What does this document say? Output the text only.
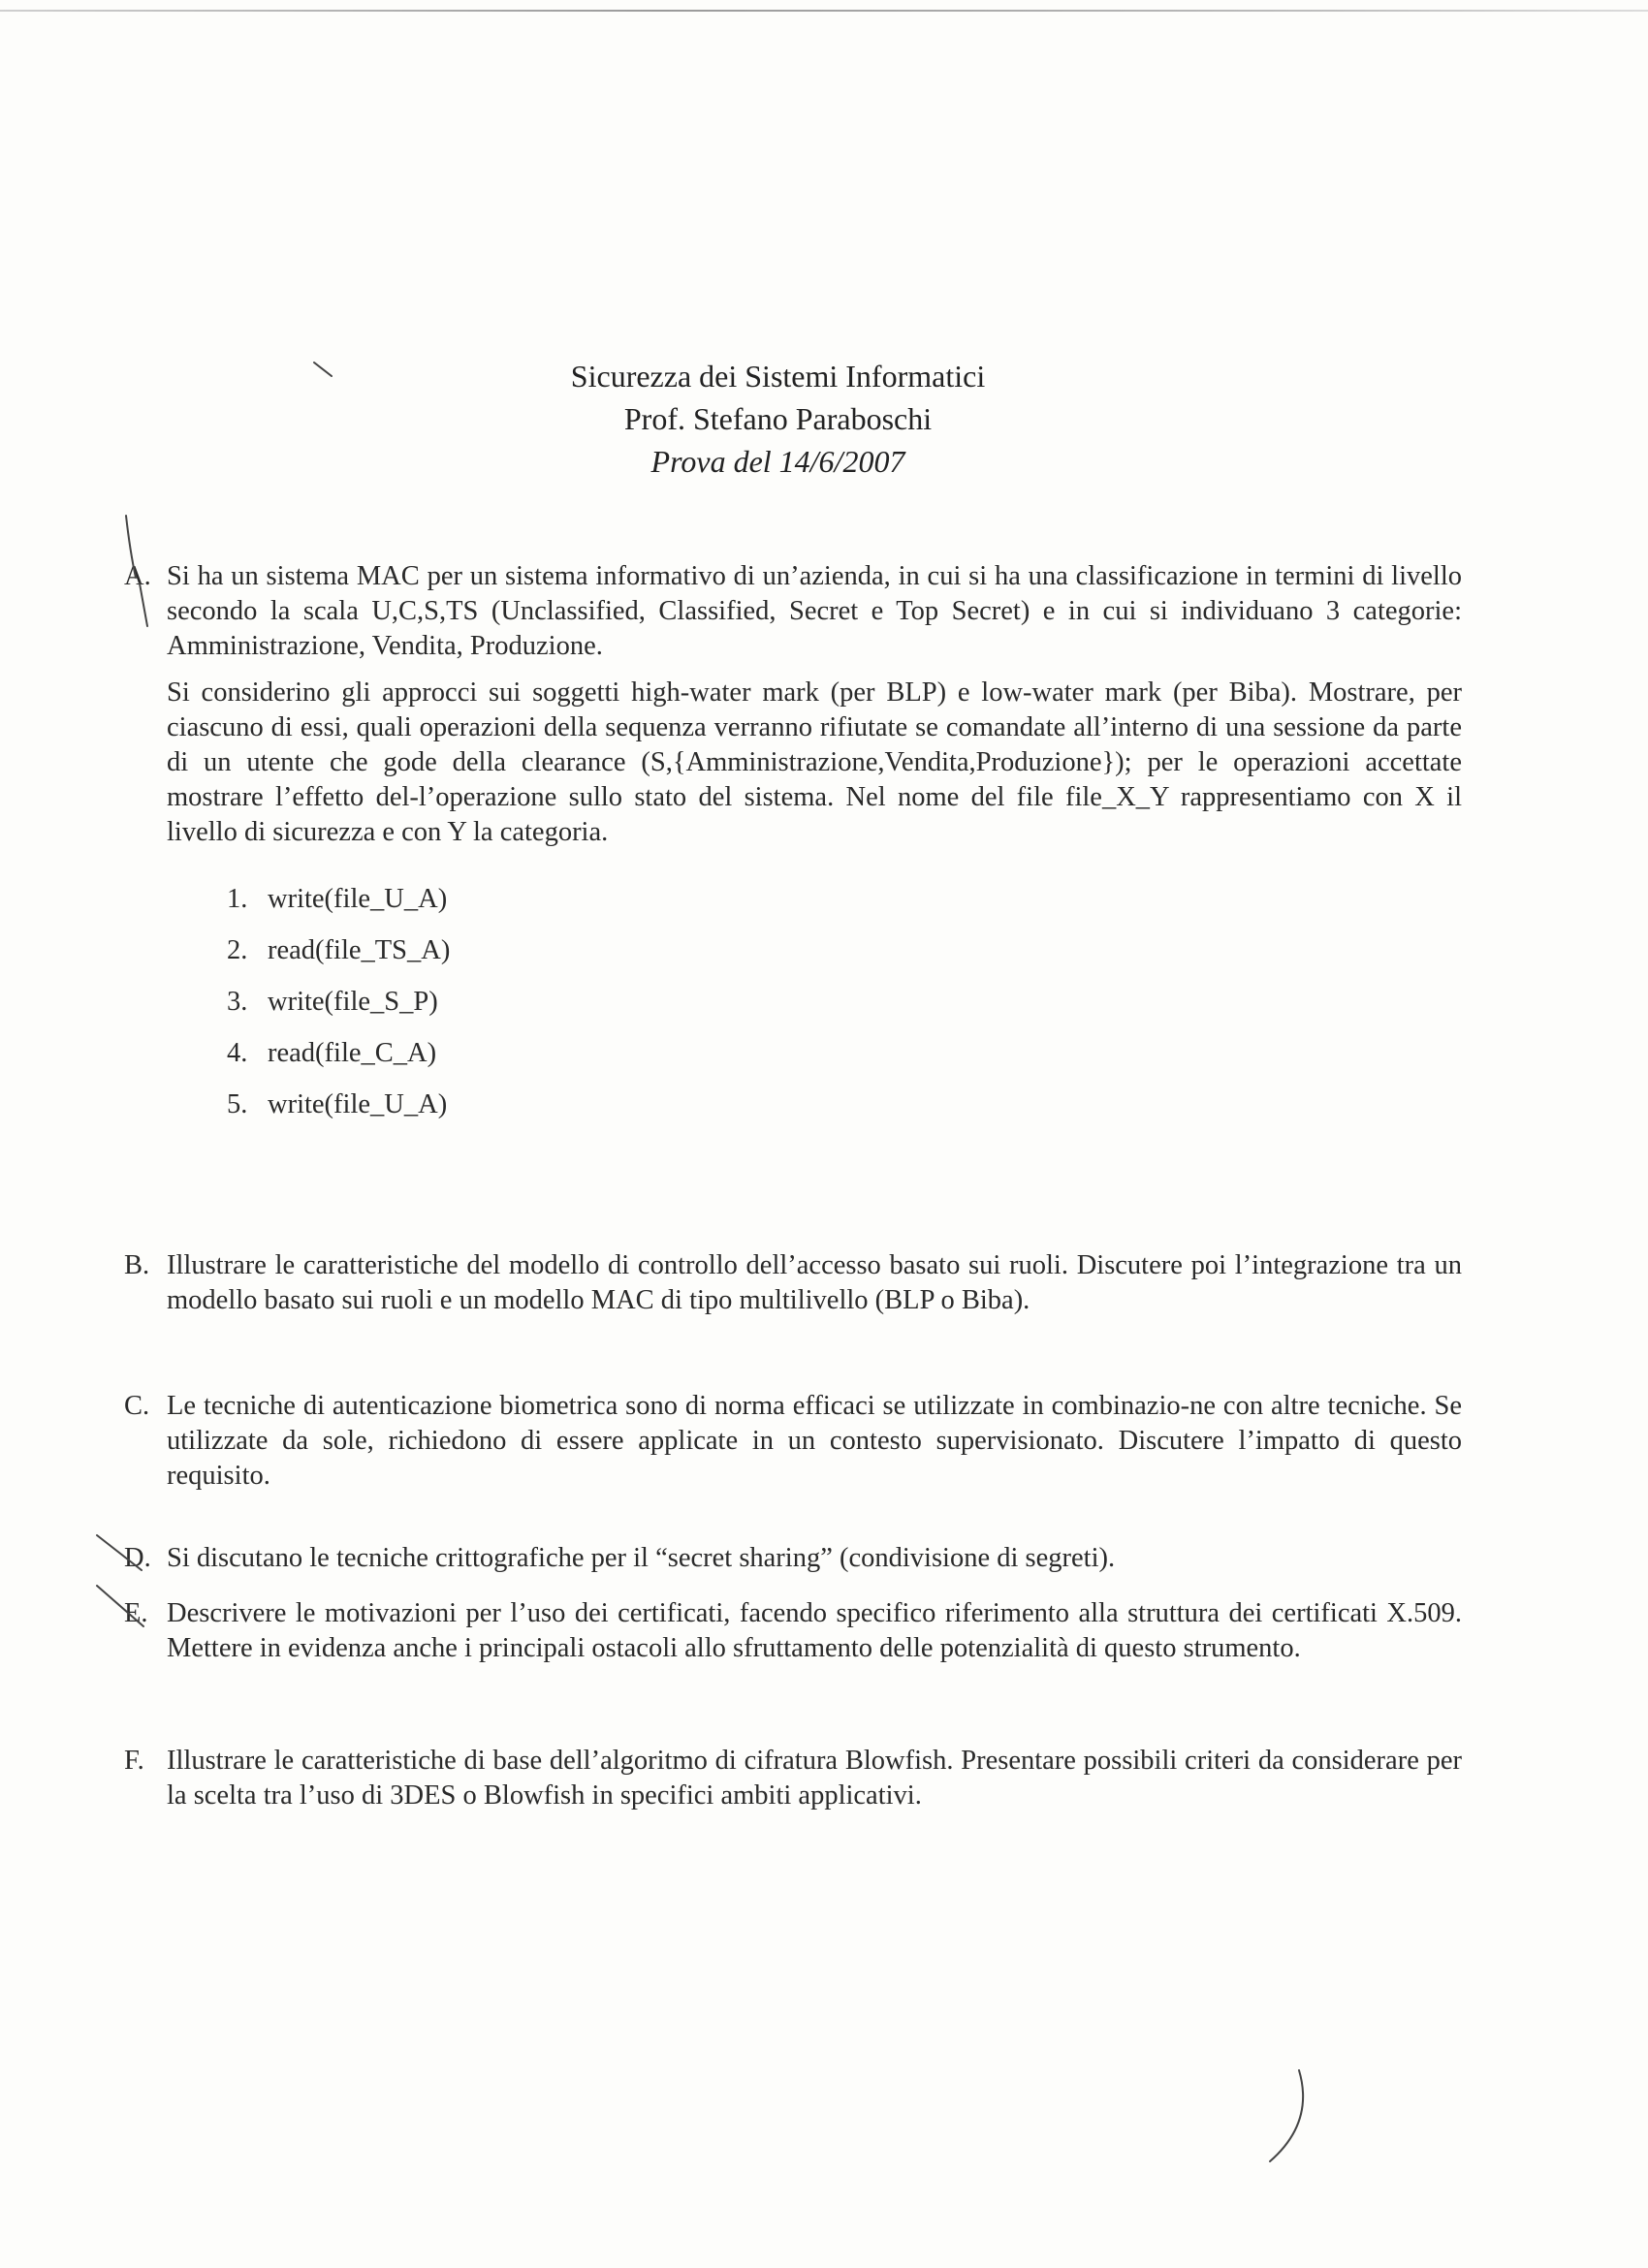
Sicurezza dei Sistemi Informatici
Prof. Stefano Paraboschi
Prova del 14/6/2007
A. Si ha un sistema MAC per un sistema informativo di un’azienda, in cui si ha una classificazione in termini di livello secondo la scala U,C,S,TS (Unclassified, Classified, Secret e Top Secret) e in cui si individuano 3 categorie: Amministrazione, Vendita, Produzione.

Si considerino gli approcci sui soggetti high-water mark (per BLP) e low-water mark (per Biba). Mostrare, per ciascuno di essi, quali operazioni della sequenza verranno rifiutate se comandate all’interno di una sessione da parte di un utente che gode della clearance (S,{Amministrazione,Vendita,Produzione}); per le operazioni accettate mostrare l’effetto del-l’operazione sullo stato del sistema. Nel nome del file file_X_Y rappresentiamo con X il livello di sicurezza e con Y la categoria.

1. write(file_U_A)
2. read(file_TS_A)
3. write(file_S_P)
4. read(file_C_A)
5. write(file_U_A)
B. Illustrare le caratteristiche del modello di controllo dell’accesso basato sui ruoli. Discutere poi l’integrazione tra un modello basato sui ruoli e un modello MAC di tipo multilivello (BLP o Biba).

C. Le tecniche di autenticazione biometrica sono di norma efficaci se utilizzate in combinazio-ne con altre tecniche. Se utilizzate da sole, richiedono di essere applicate in un contesto supervisionato. Discutere l’impatto di questo requisito.

D. Si discutano le tecniche crittografiche per il “secret sharing” (condivisione di segreti).

E. Descrivere le motivazioni per l’uso dei certificati, facendo specifico riferimento alla struttura dei certificati X.509. Mettere in evidenza anche i principali ostacoli allo sfruttamento delle potenzialità di questo strumento.

F. Illustrare le caratteristiche di base dell’algoritmo di cifratura Blowfish. Presentare possibili criteri da considerare per la scelta tra l’uso di 3DES o Blowfish in specifici ambiti applicativi.
